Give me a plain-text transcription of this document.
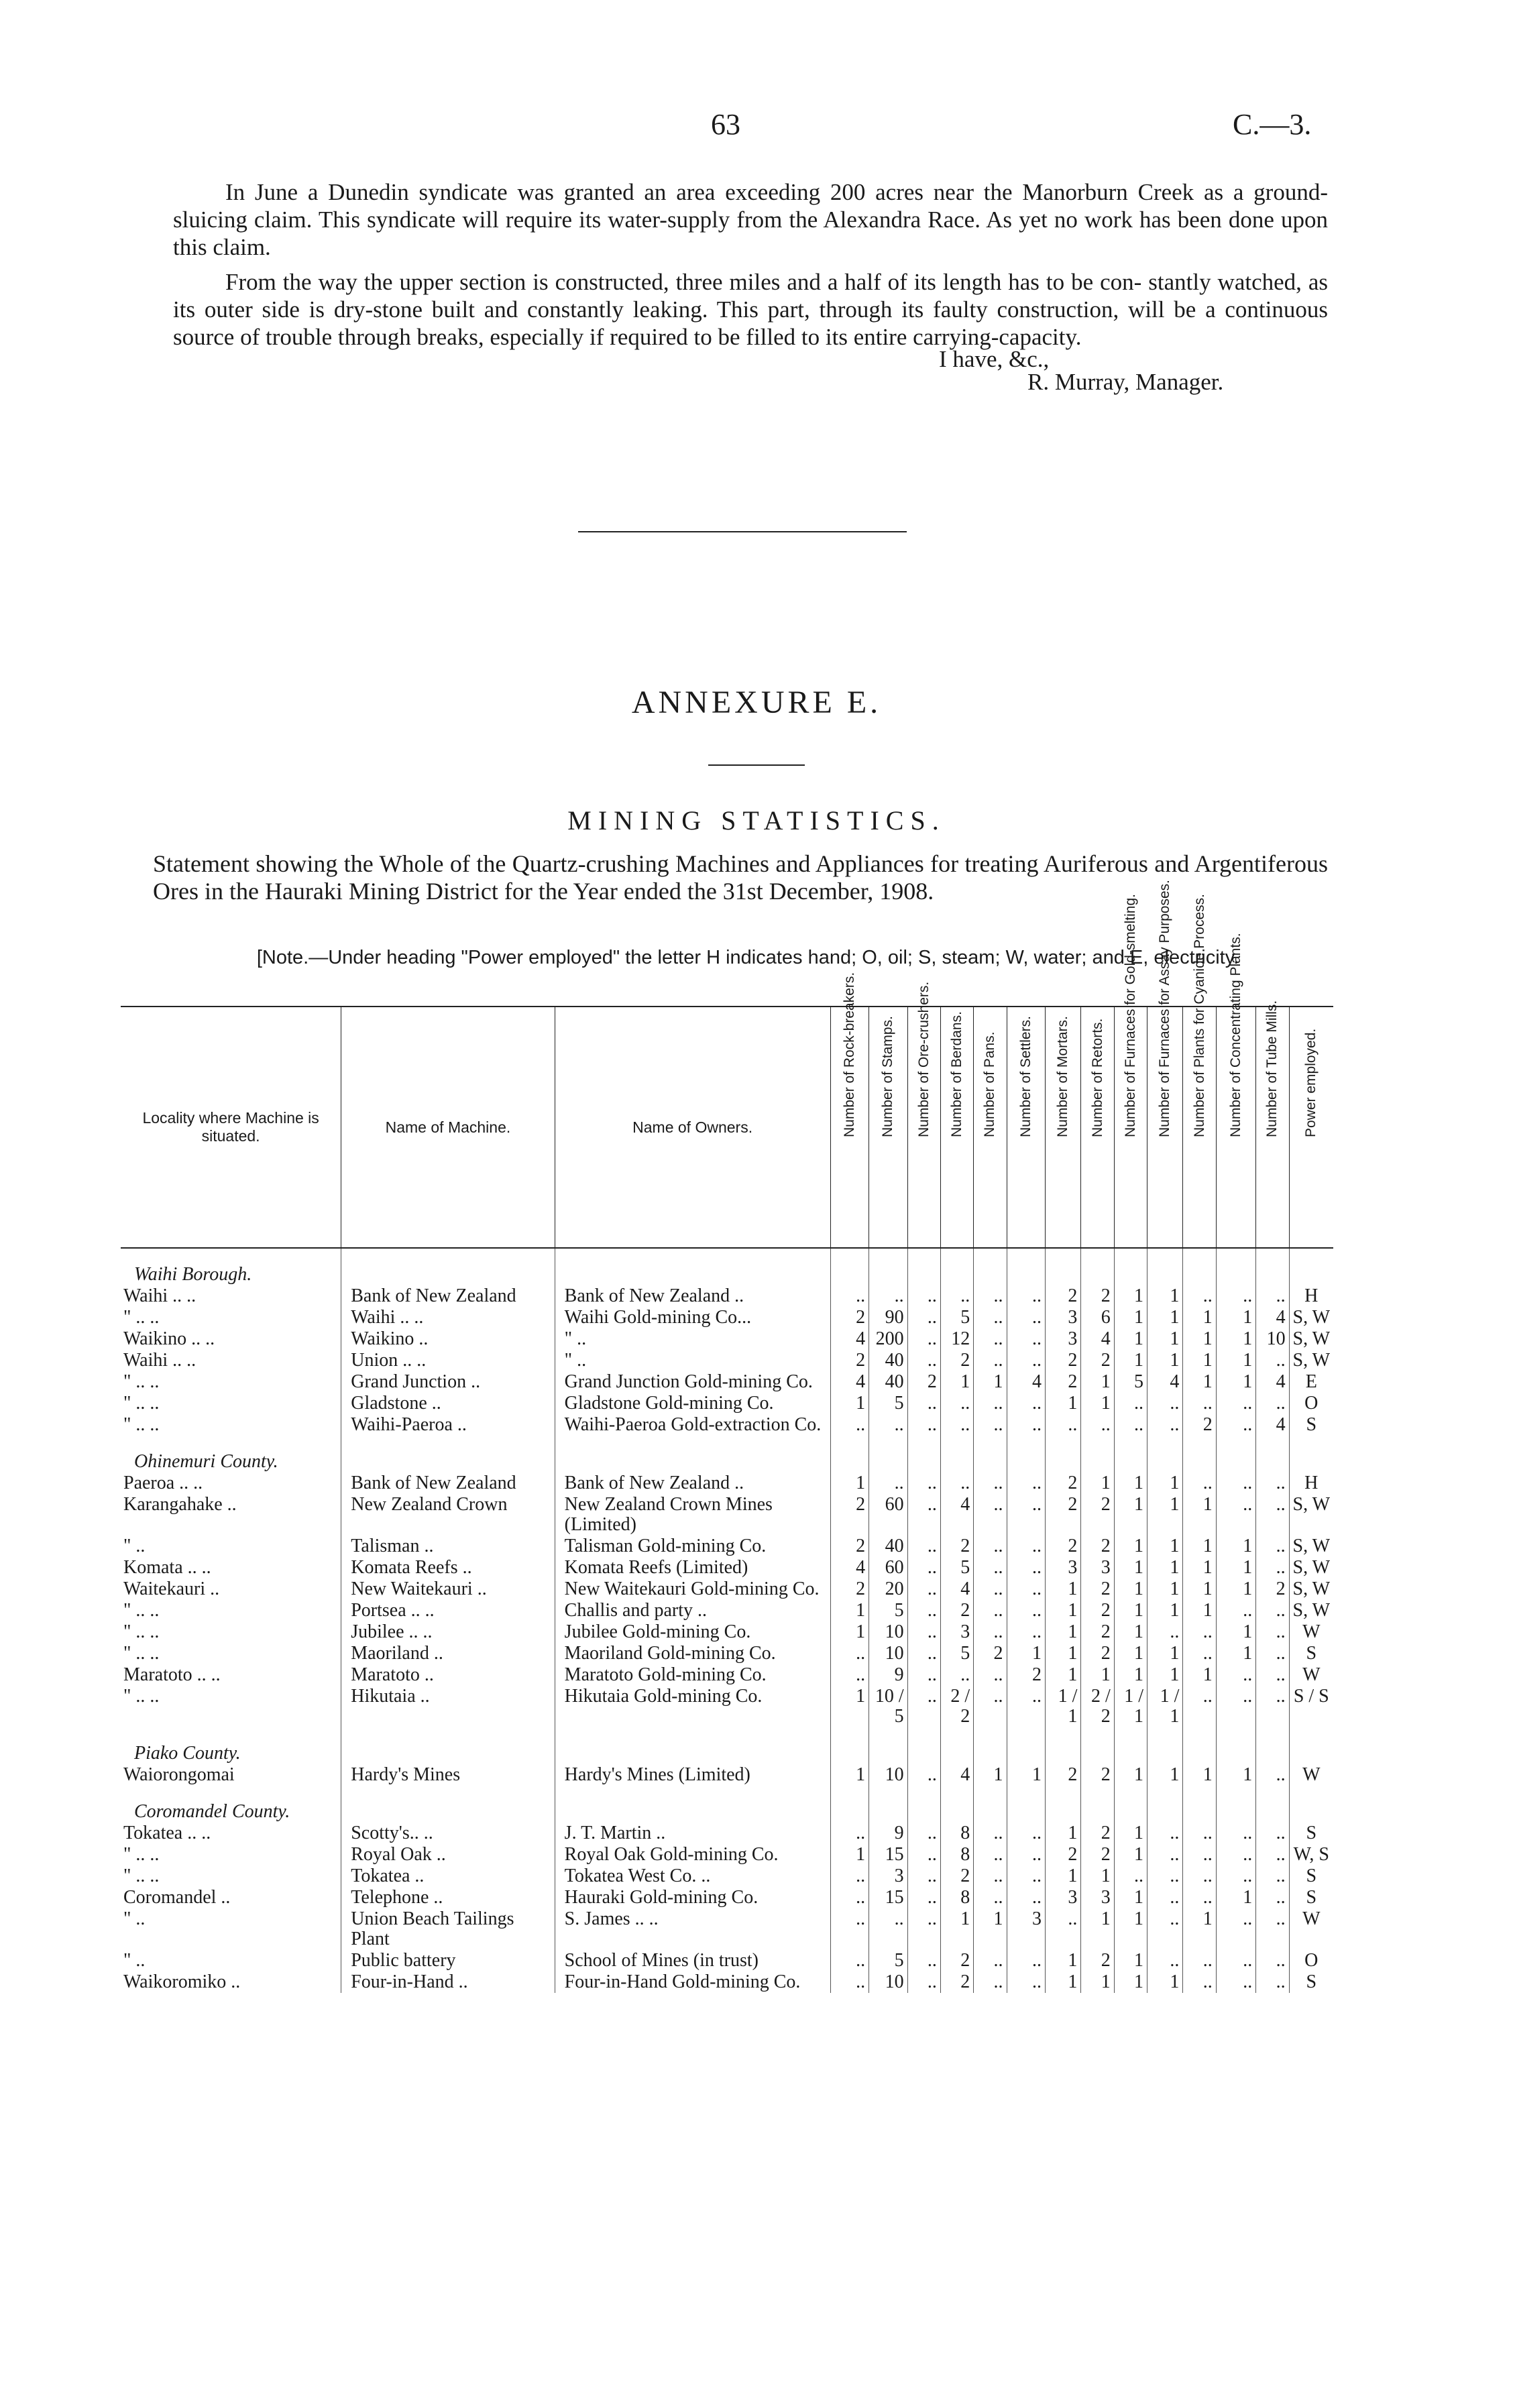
63	C.—3.
In June a Dunedin syndicate was granted an area exceeding 200 acres near the Manorburn Creek as a ground-sluicing claim. This syndicate will require its water-supply from the Alexandra Race. As yet no work has been done upon this claim.
From the way the upper section is constructed, three miles and a half of its length has to be con- stantly watched, as its outer side is dry-stone built and constantly leaking. This part, through its faulty construction, will be a continuous source of trouble through breaks, especially if required to be filled to its entire carrying-capacity.
I have, &c.,
R. Murray, Manager.
ANNEXURE E.
MINING STATISTICS.
Statement showing the Whole of the Quartz-crushing Machines and Appliances for treating Auriferous and Argentiferous Ores in the Hauraki Mining District for the Year ended the 31st December, 1908.
[Note.—Under heading "Power employed" the letter H indicates hand; O, oil; S, steam; W, water; and E, electricity.
Locality where Machine is situated.	Name of Machine.	Name of Owners.	Number of Rock-breakers.	Number of Stamps.	Number of Ore-crushers.	Number of Berdans.	Number of Pans.	Number of Settlers.	Number of Mortars.	Number of Retorts.	Number of Furnaces for Gold-smelting.	Number of Furnaces for Assay Purposes.	Number of Plants for Cyanide Process.	Number of Concentrating Plants.	Number of Tube Mills.	Power employed.

Waihi Borough.																
Waihi .. ..	Bank of New Zealand	Bank of New Zealand ..	..	..	..	..	..	..	2	2	1	1	..	..	..	H
" .. ..	Waihi .. ..	Waihi Gold-mining Co...	2	90	..	5	..	..	3	6	1	1	1	1	4	S, W
Waikino .. ..	Waikino ..	" ..	4	200	..	12	..	..	3	4	1	1	1	1	10	S, W
Waihi .. ..	Union .. ..	" ..	2	40	..	2	..	..	2	2	1	1	1	1	..	S, W
" .. ..	Grand Junction ..	Grand Junction Gold-mining Co.	4	40	2	1	1	4	2	1	5	4	1	1	4	E
" .. ..	Gladstone ..	Gladstone Gold-mining Co.	1	5	..	..	..	..	1	1	..	..	..	..	..	O
" .. ..	Waihi-Paeroa ..	Waihi-Paeroa Gold-extraction Co.	..	..	..	..	..	..	..	..	..	..	2	..	4	S
Ohinemuri County.																
Paeroa .. ..	Bank of New Zealand	Bank of New Zealand ..	1	..	..	..	..	..	2	1	1	1	..	..	..	H
Karangahake ..	New Zealand Crown	New Zealand Crown Mines (Limited)	2	60	..	4	..	..	2	2	1	1	1	..	..	S, W
" ..	Talisman ..	Talisman Gold-mining Co.	2	40	..	2	..	..	2	2	1	1	1	1	..	S, W
Komata .. ..	Komata Reefs ..	Komata Reefs (Limited)	4	60	..	5	..	..	3	3	1	1	1	1	..	S, W
Waitekauri ..	New Waitekauri ..	New Waitekauri Gold-mining Co.	2	20	..	4	..	..	1	2	1	1	1	1	2	S, W
" .. ..	Portsea .. ..	Challis and party ..	1	5	..	2	..	..	1	2	1	1	1	..	..	S, W
" .. ..	Jubilee .. ..	Jubilee Gold-mining Co.	1	10	..	3	..	..	1	2	1	..	..	1	..	W
" .. ..	Maoriland ..	Maoriland Gold-mining Co.	..	10	..	5	2	1	1	2	1	1	..	1	..	S
Maratoto .. ..	Maratoto ..	Maratoto Gold-mining Co.	..	9	..	..	..	2	1	1	1	1	1	..	..	W
" .. ..	Hikutaia ..	Hikutaia Gold-mining Co.	1	10 / 5	..	2 / 2	..	..	1 / 1	2 / 2	1 / 1	1 / 1	..	..	..	S / S
Piako County.																
Waiorongomai	Hardy's Mines	Hardy's Mines (Limited)	1	10	..	4	1	1	2	2	1	1	1	1	..	W
Coromandel County.																
Tokatea .. ..	Scotty's.. ..	J. T. Martin ..	..	9	..	8	..	..	1	2	1	..	..	..	..	S
" .. ..	Royal Oak ..	Royal Oak Gold-mining Co.	1	15	..	8	..	..	2	2	1	..	..	..	..	W, S
" .. ..	Tokatea ..	Tokatea West Co. ..	..	3	..	2	..	..	1	1	..	..	..	..	..	S
Coromandel ..	Telephone ..	Hauraki Gold-mining Co.	..	15	..	8	..	..	3	3	1	..	..	1	..	S
" ..	Union Beach Tailings Plant	S. James .. ..	..	..	..	1	1	3	..	1	1	..	1	..	..	W
" ..	Public battery	School of Mines (in trust)	..	5	..	2	..	..	1	2	1	..	..	..	..	O
Waikoromiko ..	Four-in-Hand ..	Four-in-Hand Gold-mining Co.	..	10	..	2	..	..	1	1	1	1	..	..	..	S
